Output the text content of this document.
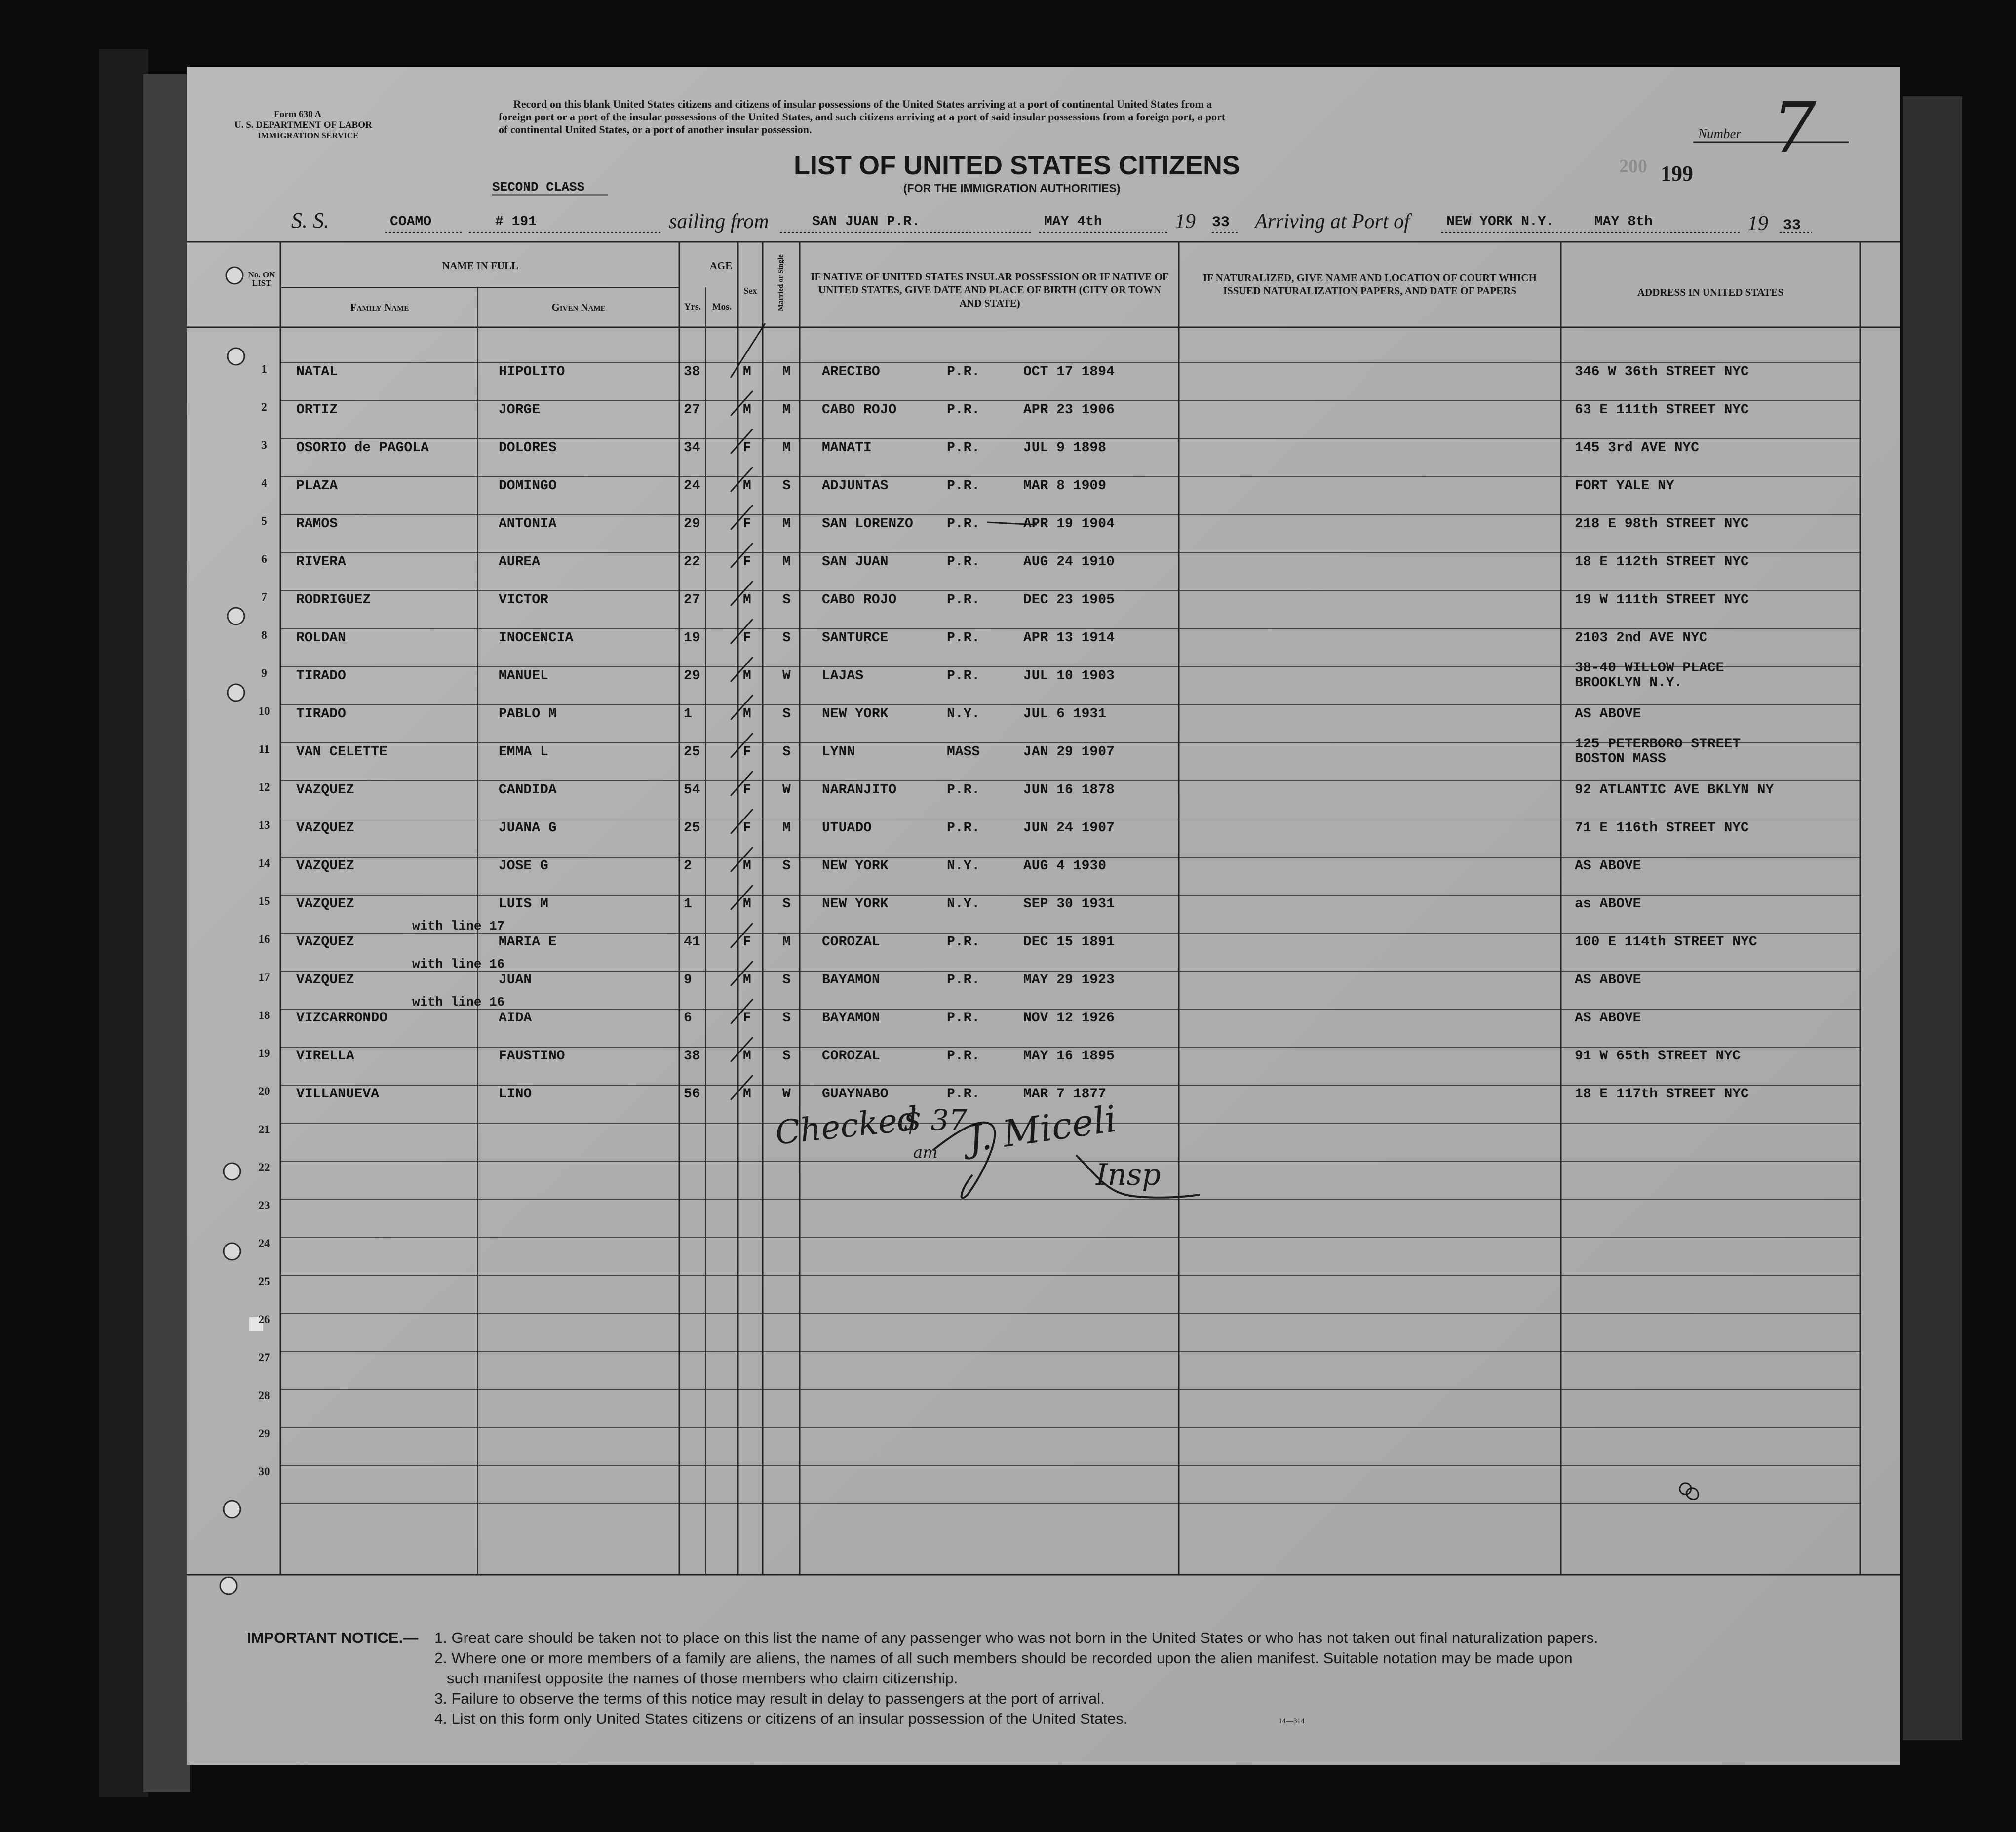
Form 630 A
U. S. DEPARTMENT OF LABOR
IMMIGRATION SERVICE
Record on this blank United States citizens and citizens of insular possessions of the United States arriving at a port of continental United States from a
foreign port or a port of the insular possessions of the United States, and such citizens arriving at a port of said insular possessions from a foreign port, a port
of continental United States, or a port of another insular possession.	Number 7
LIST OF UNITED STATES CITIZENS
(FOR THE IMMIGRATION AUTHORITIES)
200 199
SECOND CLASS
S. S.	COAMO	# 191	sailing from	SAN JUAN P.R.	MAY 4th	19 33 Arriving at Port of	NEW YORK N.Y.	MAY 8th	19 33
No. ON LIST
NAME IN FULL
Family Name	Given Name
AGE
Yrs.	Mos.
Sex	Married or Single IF NATIVE OF UNITED STATES INSULAR POSSESSION OR IF NATIVE OF UNITED STATES, GIVE DATE AND PLACE OF BIRTH (CITY OR TOWN AND STATE)
IF NATURALIZED, GIVE NAME AND LOCATION OF COURT WHICH ISSUED NATURALIZATION PAPERS, AND DATE OF PAPERS	ADDRESS IN UNITED STATES
1	NATAL	HIPOLITO	38	M M ARECIBO	P.R.	OCT 17 1894	346 W 36th STREET NYC
2	ORTIZ	JORGE	27	M M CABO ROJO	P.R.	APR 23 1906	63 E 111th STREET NYC
3	OSORIO de PAGOLA	DOLORES	34	F M MANATI	P.R.	JUL 9 1898	145 3rd AVE NYC
4	PLAZA	DOMINGO	24	M S ADJUNTAS	P.R.	MAR 8 1909	FORT YALE NY
5	RAMOS	ANTONIA	29	F M SAN LORENZO P.R.	APR 19 1904	218 E 98th STREET NYC
6	RIVERA	AUREA	22	F M SAN JUAN	P.R.	AUG 24 1910	18 E 112th STREET NYC
7	RODRIGUEZ	VICTOR	27	M S CABO ROJO	P.R.	DEC 23 1905	19 W 111th STREET NYC
8	ROLDAN	INOCENCIA	19	F S SANTURCE	P.R.	APR 13 1914	2103 2nd AVE NYC
9	TIRADO	MANUEL	29	M W LAJAS	P.R.	JUL 10 1903
38-40 WILLOW PLACE
BROOKLYN N.Y.
10	TIRADO	PABLO M	1	M S NEW YORK	N.Y.	JUL 6 1931	AS ABOVE
11	VAN CELETTE	EMMA L	25	F S LYNN	MASS	JAN 29 1907
125 PETERBORO STREET
BOSTON MASS
12	VAZQUEZ	CANDIDA	54	F W NARANJITO	P.R.	JUN 16 1878	92 ATLANTIC AVE BKLYN NY
13	VAZQUEZ	JUANA G	25	F M UTUADO	P.R.	JUN 24 1907	71 E 116th STREET NYC
14	VAZQUEZ	JOSE G	2	M S NEW YORK	N.Y.	AUG 4 1930	AS ABOVE
15	VAZQUEZ	LUIS M	1	M S NEW YORK	N.Y.	SEP 30 1931	as ABOVE
16	VAZQUEZ	MARIA E	41	F M COROZAL	P.R.	DEC 15 1891	100 E 114th STREET NYC
with line 17
17	VAZQUEZ	JUAN	9	M S BAYAMON	P.R.	MAY 29 1923	AS ABOVE
with line 16
18	VIZCARRONDO	AIDA	6	F S BAYAMON	P.R.	NOV 12 1926	AS ABOVE
with line 16
19	VIRELLA	FAUSTINO	38	M S COROZAL	P.R.	MAY 16 1895	91 W 65th STREET NYC
20	VILLANUEVA	LINO	56	M W GUAYNABO	P.R.	MAR 7 1877	18 E 117th STREET NYC
21
22
23
24
25
26
27
28
29
30
Checked
$ 37
am J. Miceli
Insp
IMPORTANT NOTICE.— 1. Great care should be taken not to place on this list the name of any passenger who was not born in the United States or who has not taken out final naturalization papers.
2. Where one or more members of a family are aliens, the names of all such members should be recorded upon the alien manifest. Suitable notation may be made upon
such manifest opposite the names of those members who claim citizenship.
3. Failure to observe the terms of this notice may result in delay to passengers at the port of arrival.
4. List on this form only United States citizens or citizens of an insular possession of the United States.	14—314
